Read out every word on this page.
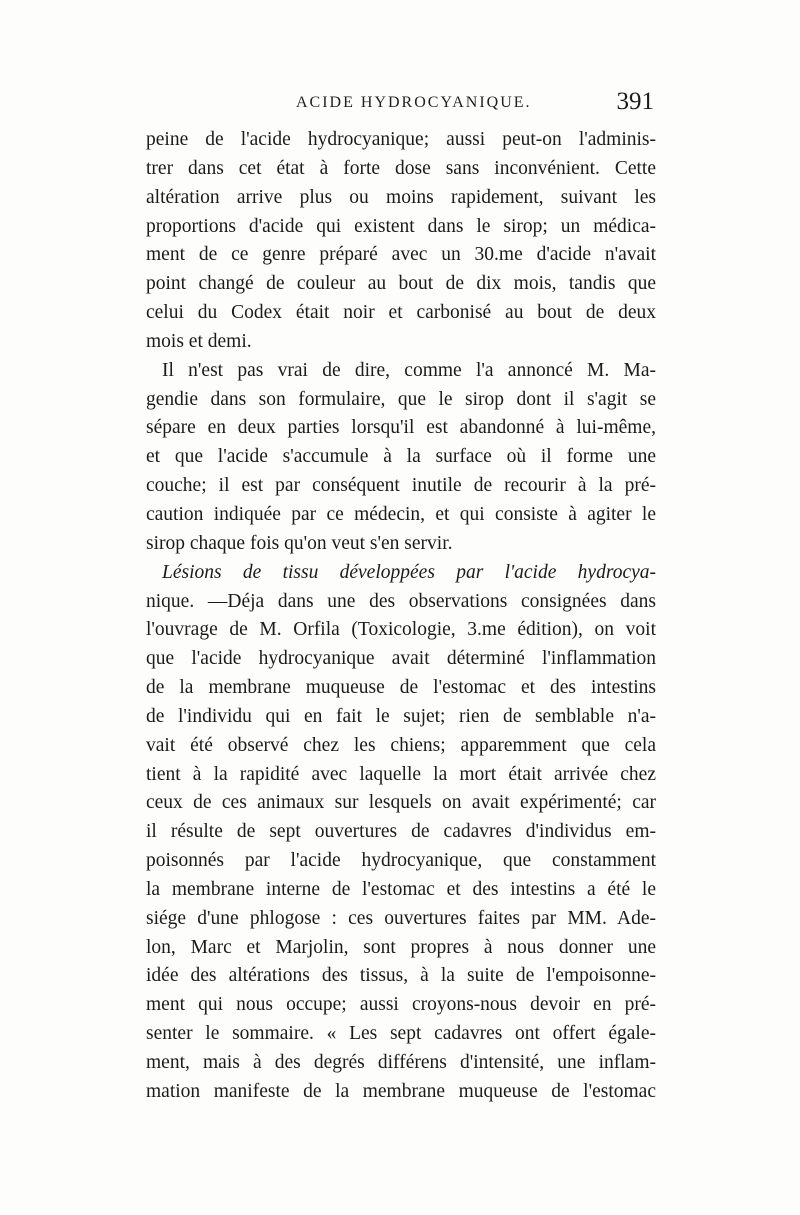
ACIDE HYDROCYANIQUE.	391
peine de l'acide hydrocyanique; aussi peut-on l'adminis-
trer dans cet état à forte dose sans inconvénient. Cette
altération arrive plus ou moins rapidement, suivant les
proportions d'acide qui existent dans le sirop; un médica-
ment de ce genre préparé avec un 30.me d'acide n'avait
point changé de couleur au bout de dix mois, tandis que
celui du Codex était noir et carbonisé au bout de deux
mois et demi.
Il n'est pas vrai de dire, comme l'a annoncé M. Ma-
gendie dans son formulaire, que le sirop dont il s'agit se
sépare en deux parties lorsqu'il est abandonné à lui-même,
et que l'acide s'accumule à la surface où il forme une
couche; il est par conséquent inutile de recourir à la pré-
caution indiquée par ce médecin, et qui consiste à agiter le
sirop chaque fois qu'on veut s'en servir.
Lésions de tissu développées par l'acide hydrocya-
nique. —Déja dans une des observations consignées dans
l'ouvrage de M. Orfila (Toxicologie, 3.me édition), on voit
que l'acide hydrocyanique avait déterminé l'inflammation
de la membrane muqueuse de l'estomac et des intestins
de l'individu qui en fait le sujet; rien de semblable n'a-
vait été observé chez les chiens; apparemment que cela
tient à la rapidité avec laquelle la mort était arrivée chez
ceux de ces animaux sur lesquels on avait expérimenté; car
il résulte de sept ouvertures de cadavres d'individus em-
poisonnés par l'acide hydrocyanique, que constamment
la membrane interne de l'estomac et des intestins a été le
siége d'une phlogose : ces ouvertures faites par MM. Ade-
lon, Marc et Marjolin, sont propres à nous donner une
idée des altérations des tissus, à la suite de l'empoisonne-
ment qui nous occupe; aussi croyons-nous devoir en pré-
senter le sommaire. « Les sept cadavres ont offert égale-
ment, mais à des degrés différens d'intensité, une inflam-
mation manifeste de la membrane muqueuse de l'estomac
